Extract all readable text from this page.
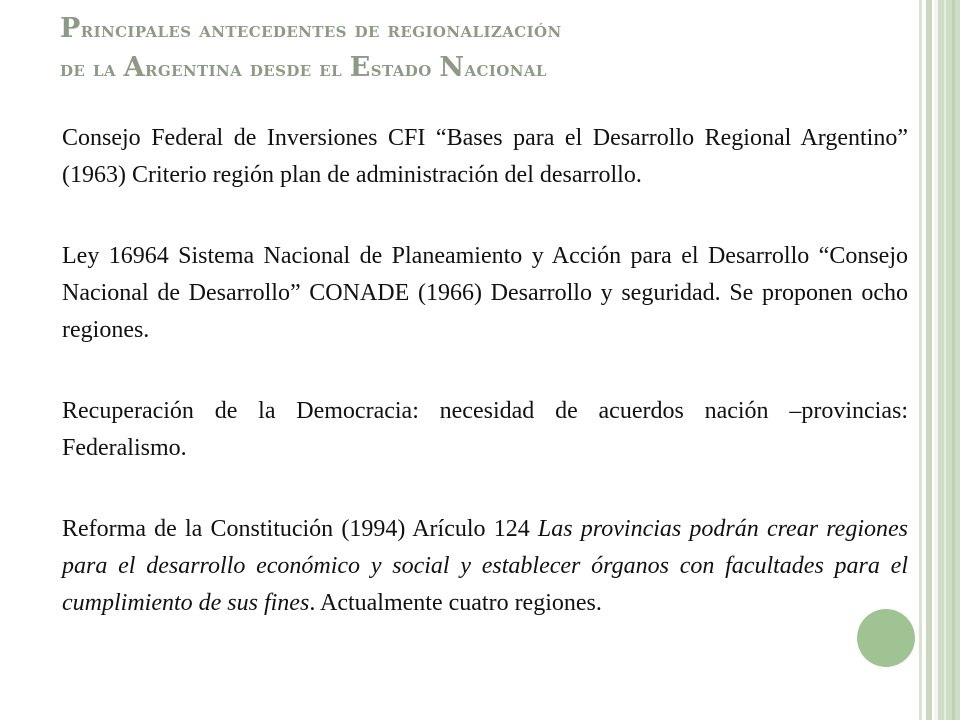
Principales antecedentes de regionalización
de la Argentina desde el Estado Nacional

Consejo Federal de Inversiones CFI “Bases para el Desarrollo Regional Argentino” (1963) Criterio región plan de administración del desarrollo.

Ley 16964 Sistema Nacional de Planeamiento y Acción para el Desarrollo “Consejo Nacional de Desarrollo” CONADE (1966) Desarrollo y seguridad. Se proponen ocho regiones.

Recuperación de la Democracia: necesidad de acuerdos nación –provincias: Federalismo.

Reforma de la Constitución (1994) Arículo 124 Las provincias podrán crear regiones para el desarrollo económico y social y establecer órganos con facultades para el cumplimiento de sus fines. Actualmente cuatro regiones.
